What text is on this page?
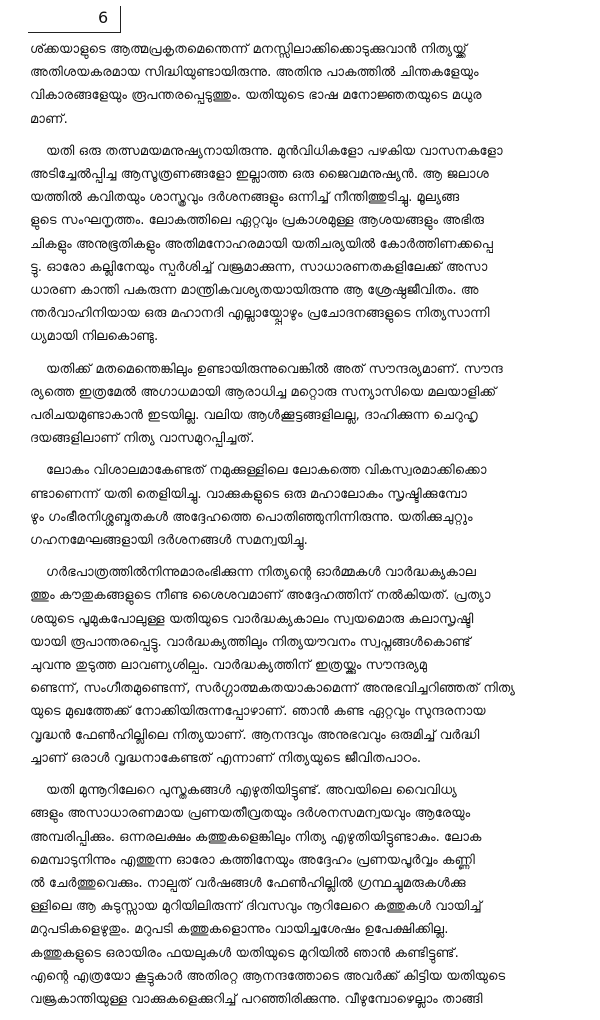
6

ശ്ക്കയാളുടെ ആത്മപ്രകൃതമെന്തെന്ന് മനസ്സിലാക്കിക്കൊടുക്കുവാൻ നിത്യയ്ക്ക്
അതിശയകരമായ സിദ്ധിയുണ്ടായിരുന്നു. അതിനു പാകത്തിൽ ചിന്തകളേയും
വികാരങ്ങളേയും രൂപന്തരപ്പെടുത്തും. യതിയുടെ ഭാഷ മനോജ്ഞതയുടെ മധുര
മാണ്.

യതി ഒരു തത്സമയമനുഷ്യനായിരുന്നു. മുൻവിധികളോ പഴകിയ വാസനകളോ
അടിച്ചേൽപ്പിച്ച ആസൂത്രണങ്ങളോ ഇല്ലാത്ത ഒരു ജൈവമനുഷ്യൻ. ആ ജലാശ
യത്തിൽ കവിതയും ശാസ്ത്രവും ദർശനങ്ങളും ഒന്നിച്ച് നീന്തിത്തുടിച്ചു. മൂല്യങ്ങ
ളുടെ സംഘനൃത്തം. ലോകത്തിലെ ഏറ്റവും പ്രകാശമുള്ള ആശയങ്ങളും അഭിരു
ചികളും അനുഭൂതികളും അതിമനോഹരമായി യതിചര്യയിൽ കോർത്തിണക്കപ്പെ
ട്ടു. ഓരോ കല്ലിനേയും സ്പർശിച്ച് വജ്രമാക്കുന്ന, സാധാരണതകളിലേക്ക് അസാ
ധാരണ കാന്തി പകരുന്ന മാന്ത്രികവശ്യതയായിരുന്നു ആ ശ്രേഷ്ഠജീവിതം. അ
ന്തർവാഹിനിയായ ഒരു മഹാനദി എല്ലായ്പ്പോഴും പ്രചോദനങ്ങളുടെ നിത്യസാന്നി
ധ്യമായി നിലകൊണ്ടു.

യതിക്ക് മതമെന്തെങ്കിലും ഉണ്ടായിരുന്നുവെങ്കിൽ അത് സൗന്ദര്യമാണ്. സൗന്ദ
ര്യത്തെ ഇത്രമേൽ അഗാധമായി ആരാധിച്ച മറ്റൊരു സന്യാസിയെ മലയാളിക്ക്
പരിചയമുണ്ടാകാൻ ഇടയില്ല. വലിയ ആൾക്കൂട്ടങ്ങളിലല്ല, ദാഹിക്കുന്ന ചെറുഹൃ
ദയങ്ങളിലാണ് നിത്യ വാസമുറപ്പിച്ചത്.

ലോകം വിശാലമാകേണ്ടത് നമുക്കുള്ളിലെ ലോകത്തെ വികസ്വരമാക്കിക്കൊ
ണ്ടാണെന്ന് യതി തെളിയിച്ചു. വാക്കുകളുടെ ഒരു മഹാലോകം സൃഷ്ടിക്കുമ്പോ
ഴും ഗംഭീരനിശ്ശബ്ദതകൾ അദ്ദേഹത്തെ പൊതിഞ്ഞുനിന്നിരുന്നു. യതിക്കുചുറ്റും
ഗഹനമേഘങ്ങളായി ദർശനങ്ങൾ സമന്വയിച്ചു.

ഗർഭപാത്രത്തിൽനിന്നുമാരംഭിക്കുന്ന നിത്യന്റെ ഓർമ്മകൾ വാർദ്ധക്യകാല
ത്തും കൗതുകങ്ങളുടെ നീണ്ട ശൈശവമാണ് അദ്ദേഹത്തിന് നൽകിയത്. പ്രത്യാ
ശയുടെ പൂമുകപോലുള്ള യതിയുടെ വാർദ്ധക്യകാലം സ്വയമൊരു കലാസൃഷ്ടി
യായി രൂപാന്തരപ്പെട്ടു. വാർദ്ധക്യത്തിലും നിത്യയൗവനം സ്വപ്നങ്ങൾകൊണ്ട്
ചുവന്നു തുടുത്ത ലാവണ്യശില്പം. വാർദ്ധക്യത്തിന് ഇത്രയ്ക്കും സൗന്ദര്യമു
ണ്ടെന്ന്, സംഗീതമുണ്ടെന്ന്, സർഗ്ഗാത്മകതയാകാമെന്ന് അനുഭവിച്ചറിഞ്ഞത് നിത്യ
യുടെ മുഖത്തേക്ക് നോക്കിയിരുന്നപ്പോഴാണ്. ഞാൻ കണ്ട ഏറ്റവും സുന്ദരനായ
വൃദ്ധൻ ഫേൺഹില്ലിലെ നിത്യയാണ്. ആനന്ദവും അനുഭവവും ഒരുമിച്ച് വർദ്ധി
ച്ചാണ് ഒരാൾ വൃദ്ധനാകേണ്ടത് എന്നാണ് നിത്യയുടെ ജീവിതപാഠം.

യതി മുന്നൂറിലേറെ പുസ്തകങ്ങൾ എഴുതിയിട്ടുണ്ട്. അവയിലെ വൈവിധ്യ
ങ്ങളും അസാധാരണമായ പ്രണയതീവ്രതയും ദർശനസമന്വയവും ആരേയും
അമ്പരിപ്പിക്കും. ഒന്നരലക്ഷം കത്തുകളെങ്കിലും നിത്യ എഴുതിയിട്ടുണ്ടാകും. ലോക
മെമ്പാടുനിന്നും എത്തുന്ന ഓരോ കത്തിനേയും അദ്ദേഹം പ്രണയപൂർവ്വം കണ്ണി
ൽ ചേർത്തുവെക്കും. നാല്പത് വർഷങ്ങൾ ഫേൺഹില്ലിൽ ഗ്രന്ഥച്ചുമരുകൾക്കു
ള്ളിലെ ആ കുടുസ്സായ മുറിയിലിരുന്ന് ദിവസവും നൂറിലേറെ കത്തുകൾ വായിച്ച്
മറുപടികളെഴുതും. മറുപടി കത്തുകളൊന്നും വായിച്ചശേഷം ഉപേക്ഷിക്കില്ല.
കത്തുകളുടെ ഒരായിരം ഫയലുകൾ യതിയുടെ മുറിയിൽ ഞാൻ കണ്ടിട്ടുണ്ട്.
എന്റെ എത്രയോ കൂട്ടുകാർ അതിരറ്റ ആനന്ദത്തോടെ അവർക്ക് കിട്ടിയ യതിയുടെ
വജ്രകാന്തിയുള്ള വാക്കുകളെക്കുറിച്ച് പറഞ്ഞിരിക്കുന്നു. വീഴുമ്പോഴെല്ലാം താങ്ങി
